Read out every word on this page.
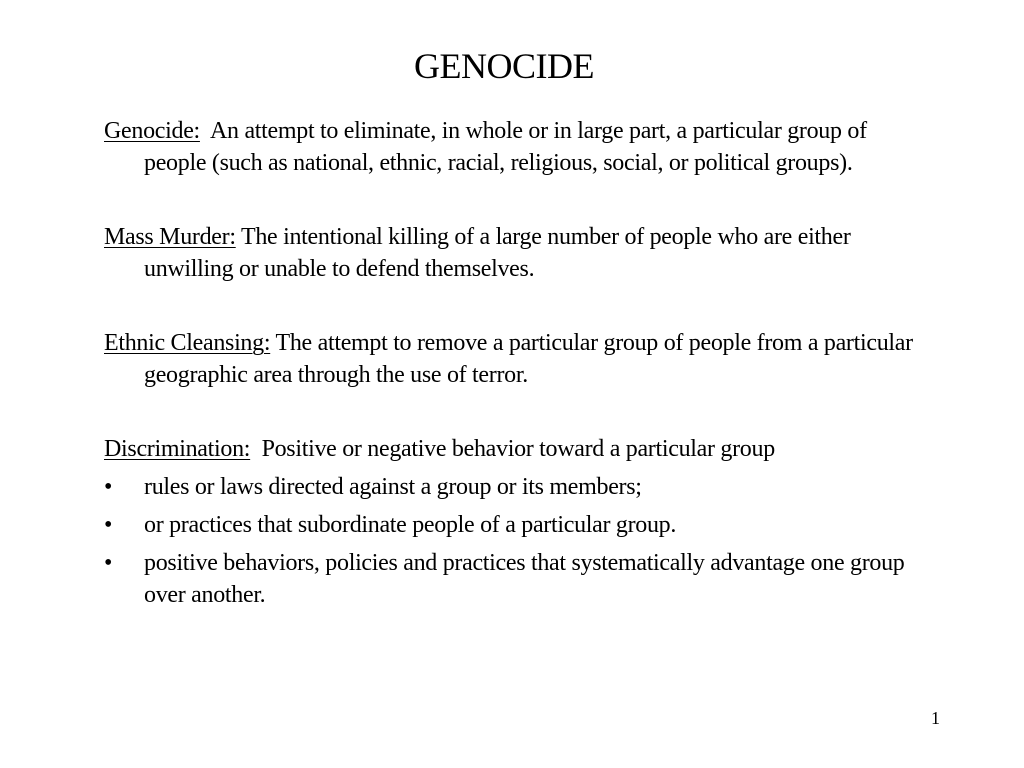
GENOCIDE

Genocide: An attempt to eliminate, in whole or in large part, a particular group of people (such as national, ethnic, racial, religious, social, or political groups).

Mass Murder: The intentional killing of a large number of people who are either unwilling or unable to defend themselves.

Ethnic Cleansing: The attempt to remove a particular group of people from a particular geographic area through the use of terror.

Discrimination: Positive or negative behavior toward a particular group

•	rules or laws directed against a group or its members;
•	or practices that subordinate people of a particular group.
•	positive behaviors, policies and practices that systematically advantage one group over another.
1
